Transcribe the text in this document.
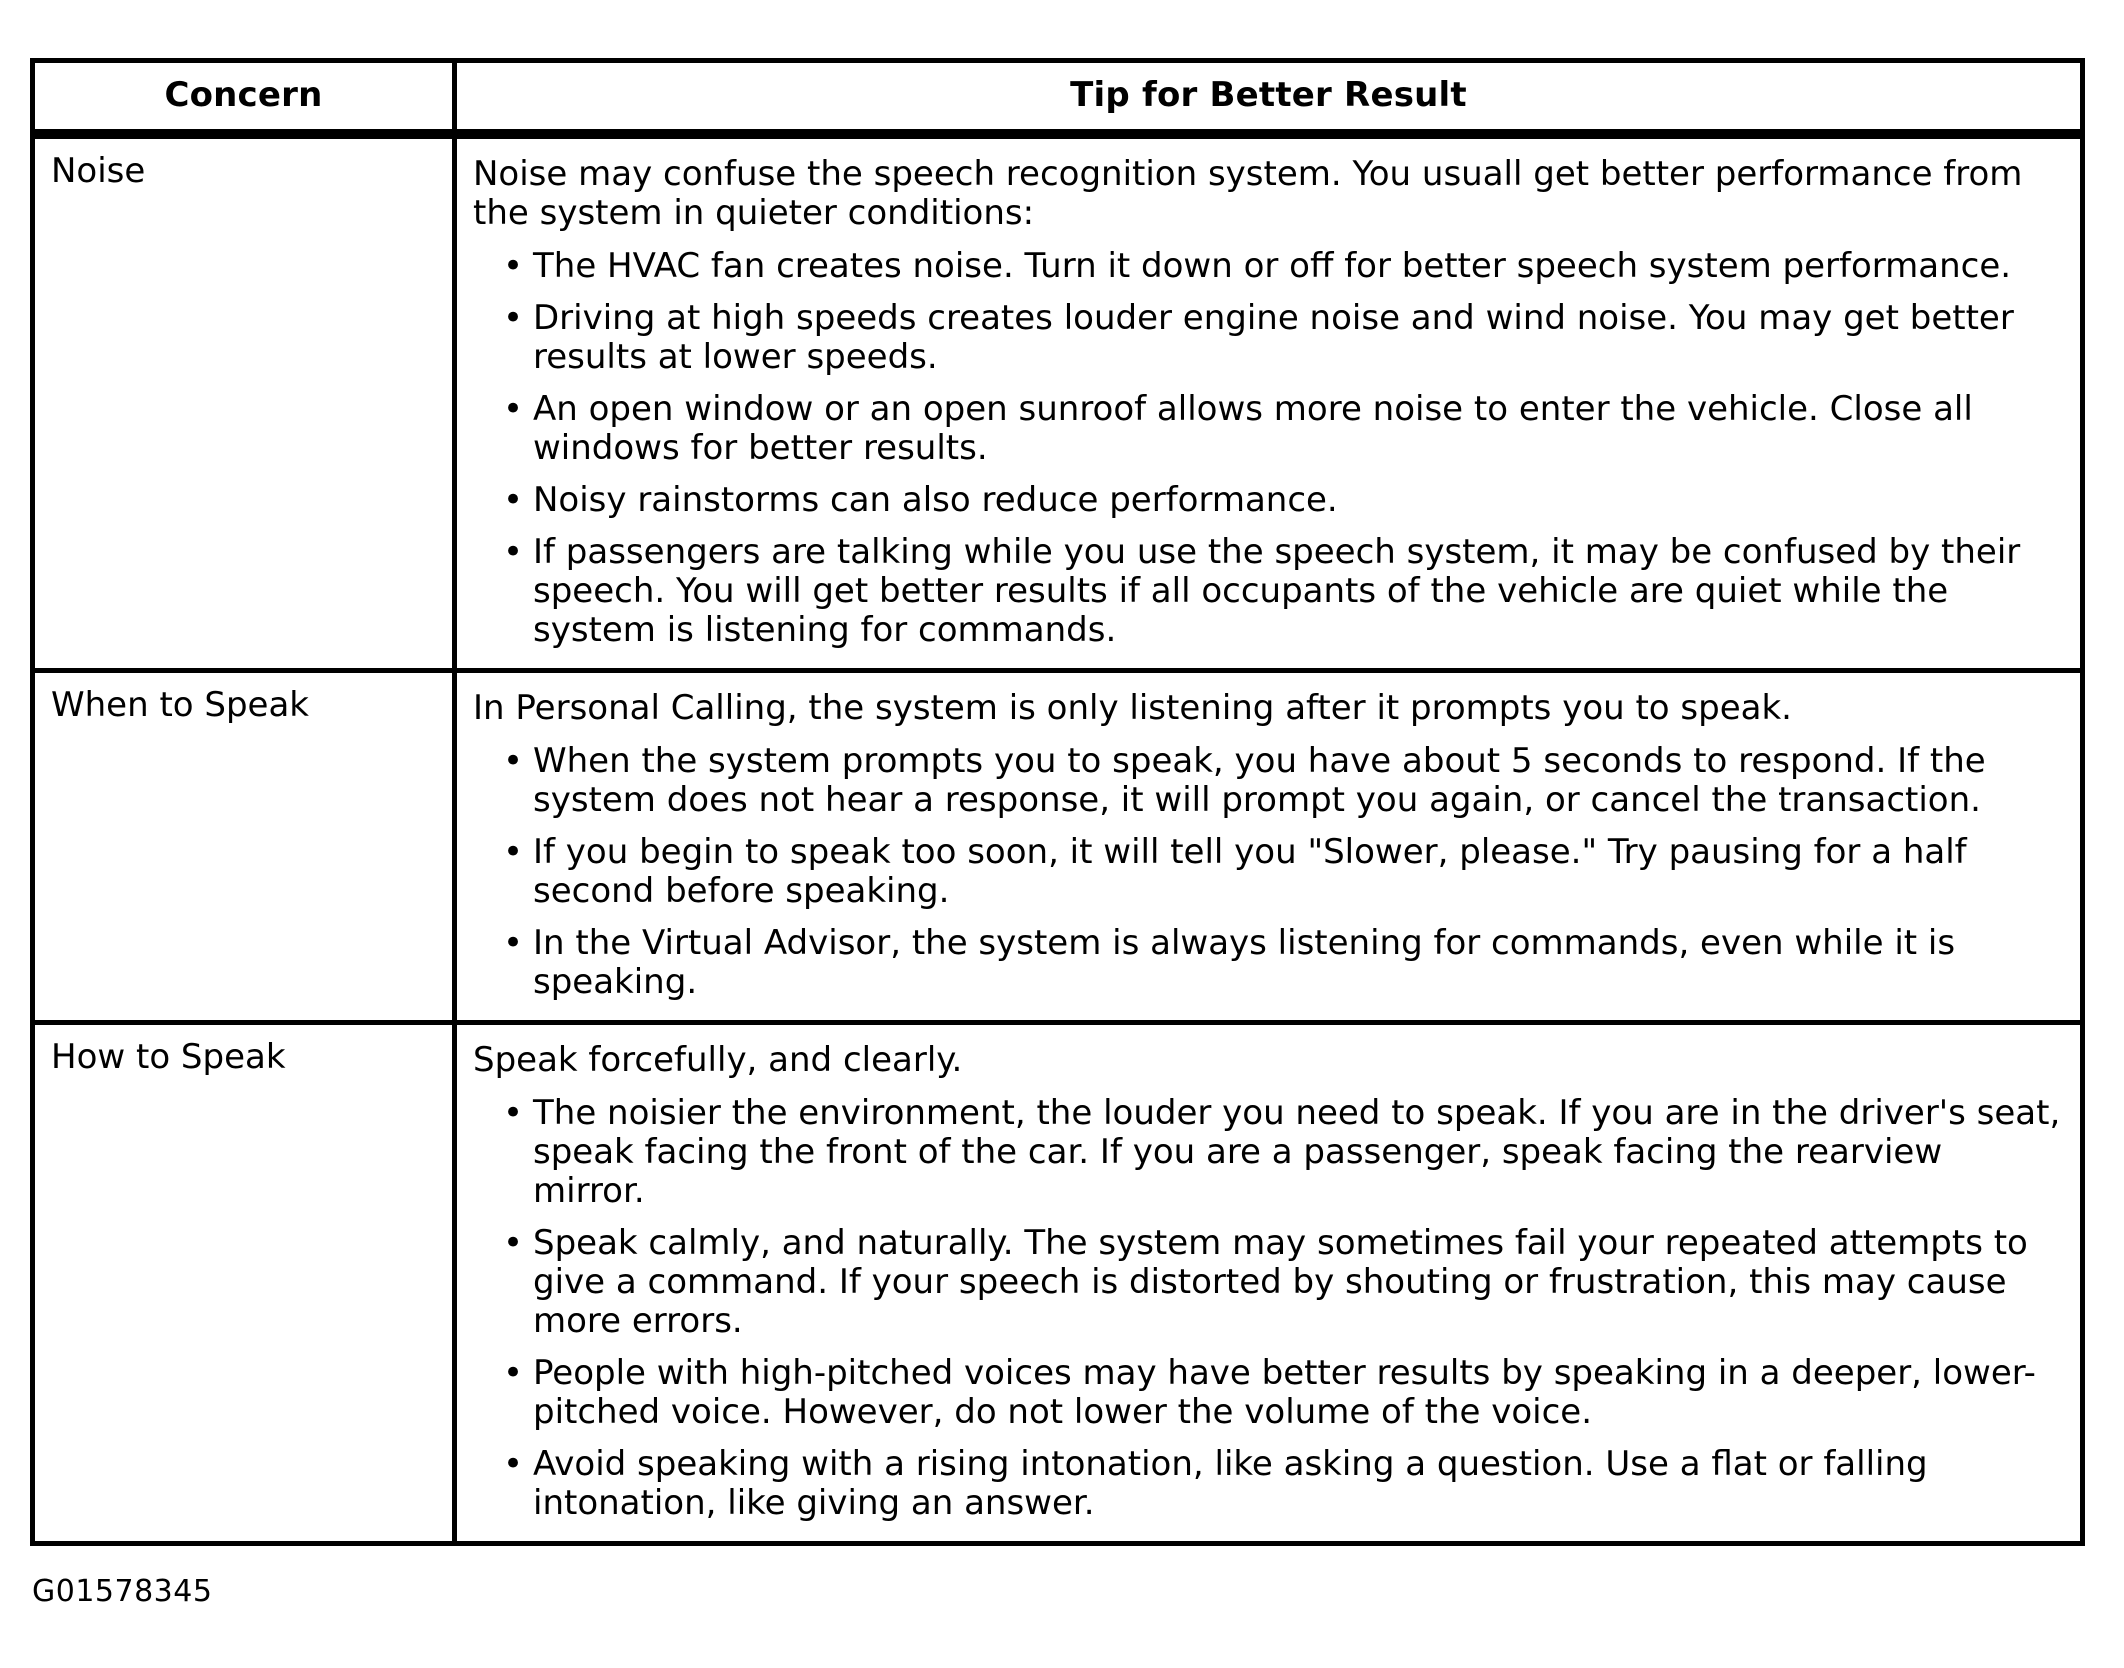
Concern	Tip for Better Result

Noise	Noise may confuse the speech recognition system. You usuall get better performance from the system in quieter conditions:
• The HVAC fan creates noise. Turn it down or off for better speech system performance.
• Driving at high speeds creates louder engine noise and wind noise. You may get better results at lower speeds.
• An open window or an open sunroof allows more noise to enter the vehicle. Close all windows for better results.
• Noisy rainstorms can also reduce performance.
• If passengers are talking while you use the speech system, it may be confused by their speech. You will get better results if all occupants of the vehicle are quiet while the system is listening for commands.

When to Speak	In Personal Calling, the system is only listening after it prompts you to speak.
• When the system prompts you to speak, you have about 5 seconds to respond. If the system does not hear a response, it will prompt you again, or cancel the transaction.
• If you begin to speak too soon, it will tell you "Slower, please." Try pausing for a half second before speaking.
• In the Virtual Advisor, the system is always listening for commands, even while it is speaking.

How to Speak	Speak forcefully, and clearly.
• The noisier the environment, the louder you need to speak. If you are in the driver's seat, speak facing the front of the car. If you are a passenger, speak facing the rearview mirror.
• Speak calmly, and naturally. The system may sometimes fail your repeated attempts to give a command. If your speech is distorted by shouting or frustration, this may cause more errors.
• People with high-pitched voices may have better results by speaking in a deeper, lower-pitched voice. However, do not lower the volume of the voice.
• Avoid speaking with a rising intonation, like asking a question. Use a flat or falling intonation, like giving an answer.
G01578345
